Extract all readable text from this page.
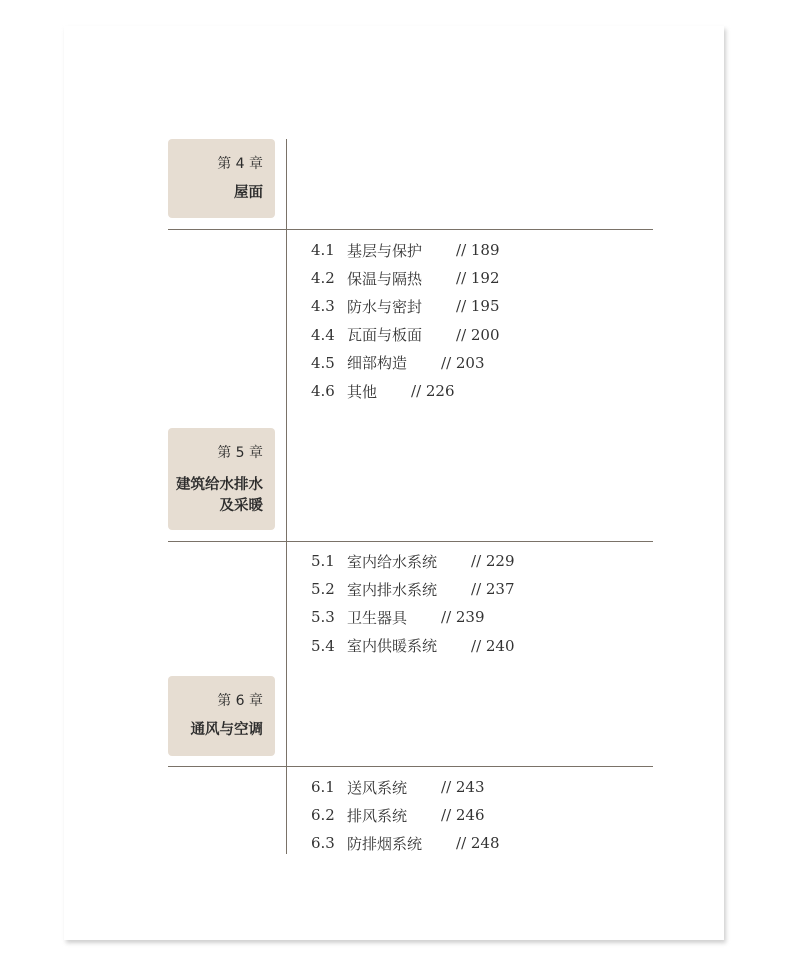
第 4 章
屋面
4.1 基层与保护 // 189
4.2 保温与隔热 // 192
4.3 防水与密封 // 195
4.4 瓦面与板面 // 200
4.5 细部构造 // 203
4.6 其他 // 226
第 5 章
建筑给水排水
及采暖
5.1 室内给水系统 // 229
5.2 室内排水系统 // 237
5.3 卫生器具 // 239
5.4 室内供暖系统 // 240
第 6 章
通风与空调
6.1 送风系统 // 243
6.2 排风系统 // 246
6.3 防排烟系统 // 248
